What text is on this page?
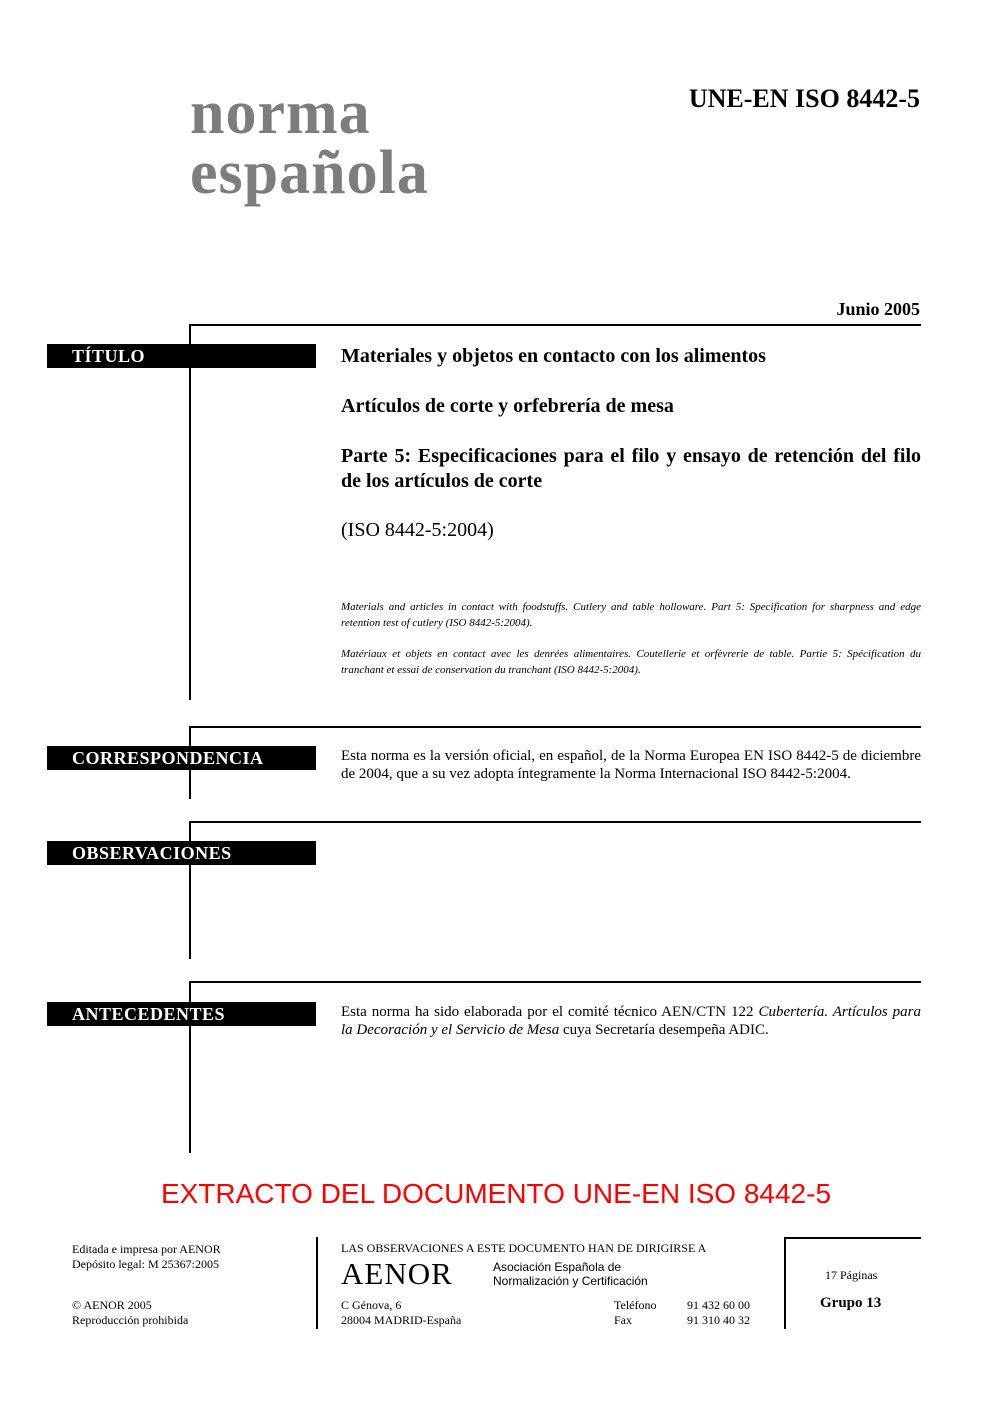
norma
española
UNE-EN ISO 8442-5
Junio 2005
TÍTULO	Materiales y objetos en contacto con los alimentos
Artículos de corte y orfebrería de mesa
Parte 5: Especificaciones para el filo y ensayo de retención del filo de los artículos de corte
(ISO 8442-5:2004)
Materials and articles in contact with foodstuffs. Cutlery and table holloware. Part 5: Specification for sharpness and edge retention test of cutlery (ISO 8442-5:2004).
Matériaux et objets en contact avec les denrées alimentaires. Coutellerie et orfèvrerie de table. Partie 5: Spécification du tranchant et essai de conservation du tranchant (ISO 8442-5:2004).
CORRESPONDENCIA	Esta norma es la versión oficial, en español, de la Norma Europea EN ISO 8442-5 de diciembre de 2004, que a su vez adopta íntegramente la Norma Internacional ISO 8442-5:2004.
OBSERVACIONES
ANTECEDENTES	Esta norma ha sido elaborada por el comité técnico AEN/CTN 122 Cubertería. Artículos para la Decoración y el Servicio de Mesa cuya Secretaría desempeña ADIC.
EXTRACTO DEL DOCUMENTO UNE-EN ISO 8442-5
Editada e impresa por AENOR
Depósito legal: M 25367:2005
© AENOR 2005
Reproducción prohibida
LAS OBSERVACIONES A ESTE DOCUMENTO HAN DE DIRIGIRSE A
AENOR	Asociación Española de
Normalización y Certificación
C Génova, 6
28004 MADRID-España
Teléfono	91 432 60 00
Fax	91 310 40 32
17 Páginas
Grupo 13
